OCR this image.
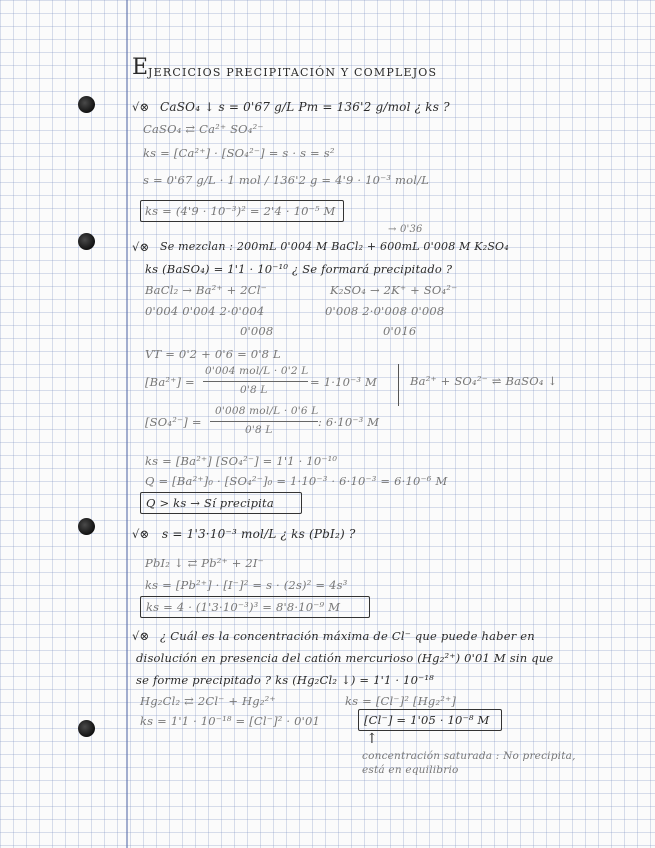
E JERCICIOS PRECIPITACIÓN Y COMPLEJOS
√⊗ CaSO₄ ↓ s = 0'67 g/L Pm = 136'2 g/mol ¿ ks ?
CaSO₄ ⇄ Ca²⁺ SO₄²⁻
ks = [Ca²⁺] · [SO₄²⁻] = s · s = s²
s = 0'67 g/L · 1 mol / 136'2 g = 4'9 · 10⁻³ mol/L
ks = (4'9 · 10⁻³)² = 2'4 · 10⁻⁵ M
→ 0'36
√⊗ Se mezclan : 200mL 0'004 M BaCl₂ + 600mL 0'008 M K₂SO₄
ks (BaSO₄) = 1'1 · 10⁻¹⁰ ¿ Se formará precipitado ?
BaCl₂ → Ba²⁺ + 2Cl⁻	K₂SO₄ → 2K⁺ + SO₄²⁻
0'004 0'004 2·0'004	0'008 2·0'008 0'008
0'008	0'016
VT = 0'2 + 0'6 = 0'8 L
[Ba²⁺] =
0'004 mol/L · 0'2 L
0'8 L
= 1·10⁻³ M	Ba²⁺ + SO₄²⁻ ⇌ BaSO₄ ↓
[SO₄²⁻] =
0'008 mol/L · 0'6 L
0'8 L
: 6·10⁻³ M
ks = [Ba²⁺] [SO₄²⁻] = 1'1 · 10⁻¹⁰
Q = [Ba²⁺]₀ · [SO₄²⁻]₀ = 1·10⁻³ · 6·10⁻³ = 6·10⁻⁶ M
Q > ks → Sí precipita
√⊗ s = 1'3·10⁻³ mol/L ¿ ks (PbI₂) ?
PbI₂ ↓ ⇄ Pb²⁺ + 2I⁻
ks = [Pb²⁺] · [I⁻]² = s · (2s)² = 4s³
ks = 4 · (1'3·10⁻³)³ = 8'8·10⁻⁹ M
√⊗ ¿ Cuál es la concentración máxima de Cl⁻ que puede haber en
disolución en presencia del catión mercurioso (Hg₂²⁺) 0'01 M sin que
se forme precipitado ? ks (Hg₂Cl₂ ↓) = 1'1 · 10⁻¹⁸
Hg₂Cl₂ ⇄ 2Cl⁻ + Hg₂²⁺	ks = [Cl⁻]² [Hg₂²⁺]
ks = 1'1 · 10⁻¹⁸ = [Cl⁻]² · 0'01	[Cl⁻] = 1'05 · 10⁻⁸ M
↑
concentración saturada : No precipita,
está en equilibrio
